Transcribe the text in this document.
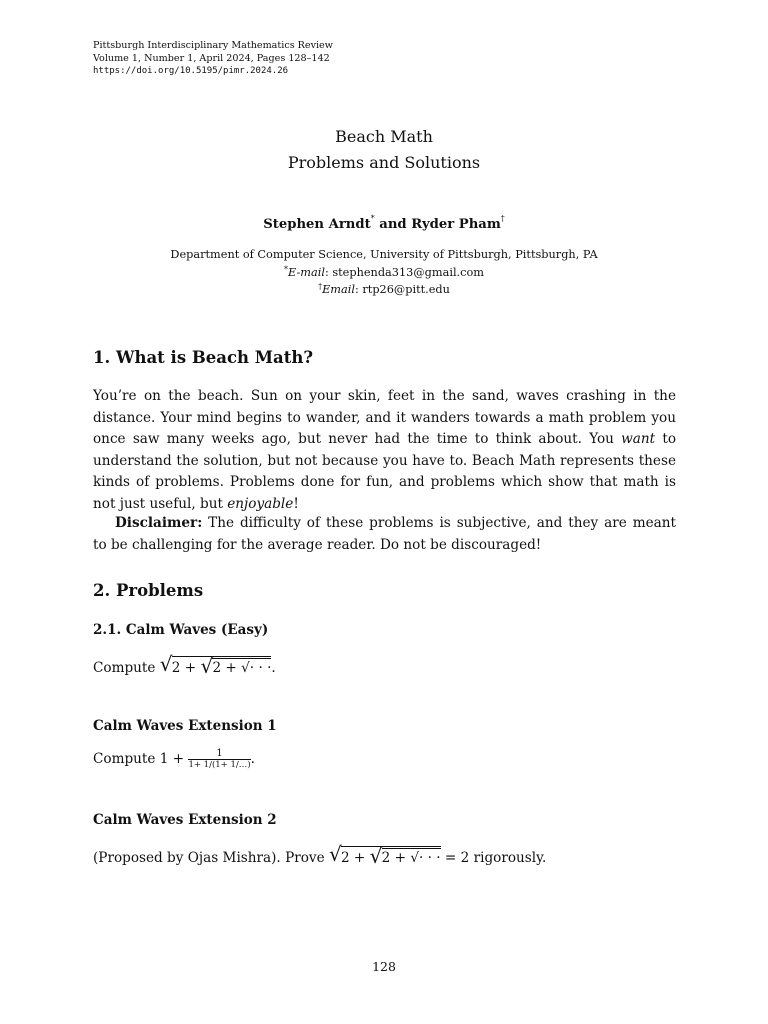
Pittsburgh Interdisciplinary Mathematics Review
Volume 1, Number 1, April 2024, Pages 128–142
https://doi.org/10.5195/pimr.2024.26
Beach Math
Problems and Solutions
Stephen Arndt* and Ryder Pham†
Department of Computer Science, University of Pittsburgh, Pittsburgh, PA
*E-mail: stephenda313@gmail.com
†Email: rtp26@pitt.edu
1. What is Beach Math?
You’re on the beach. Sun on your skin, feet in the sand, waves crashing in the distance. Your mind begins to wander, and it wanders towards a math problem you once saw many weeks ago, but never had the time to think about. You want to understand the solution, but not because you have to. Beach Math represents these kinds of problems. Problems done for fun, and problems which show that math is not just useful, but enjoyable!
Disclaimer: The difficulty of these problems is subjective, and they are meant to be challenging for the average reader. Do not be discouraged!
2. Problems
2.1. Calm Waves (Easy)
Compute √ 2 + √ 2 + √· · ·.
Calm Waves Extension 1
Compute $1 + \frac{1}{1+ 1/(1+ 1/\dots)}$ .
Calm Waves Extension 2
(Proposed by Ojas Mishra). Prove √ 2 + √ 2 + √· · · = 2 rigorously.
128
